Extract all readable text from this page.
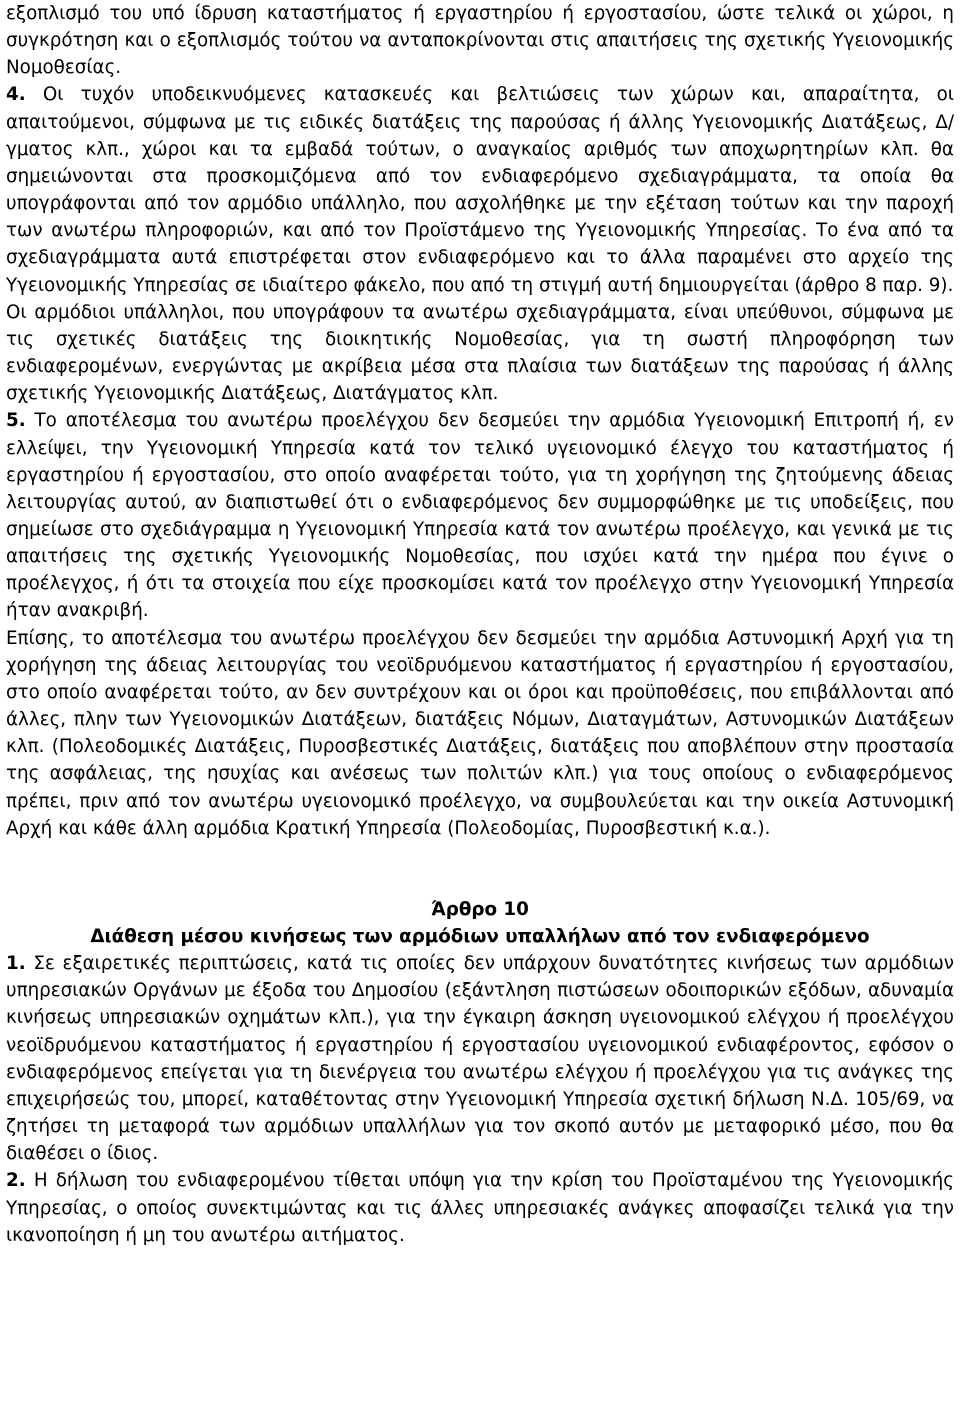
εξοπλισμό του υπό ίδρυση καταστήματος ή εργαστηρίου ή εργοστασίου, ώστε τελικά οι χώροι, η συγκρότηση και ο εξοπλισμός τούτου να ανταποκρίνονται στις απαιτήσεις της σχετικής Υγειονομικής Νομοθεσίας.

4. Οι τυχόν υποδεικνυόμενες κατασκευές και βελτιώσεις των χώρων και, απαραίτητα, οι απαιτούμενοι, σύμφωνα με τις ειδικές διατάξεις της παρούσας ή άλλης Υγειονομικής Διατάξεως, Δ/γματος κλπ., χώροι και τα εμβαδά τούτων, ο αναγκαίος αριθμός των αποχωρητηρίων κλπ. θα σημειώνονται στα προσκομιζόμενα από τον ενδιαφερόμενο σχεδιαγράμματα, τα οποία θα υπογράφονται από τον αρμόδιο υπάλληλο, που ασχολήθηκε με την εξέταση τούτων και την παροχή των ανωτέρω πληροφοριών, και από τον Προϊστάμενο της Υγειονομικής Υπηρεσίας. Το ένα από τα σχεδιαγράμματα αυτά επιστρέφεται στον ενδιαφερόμενο και το άλλα παραμένει στο αρχείο της Υγειονομικής Υπηρεσίας σε ιδιαίτερο φάκελο, που από τη στιγμή αυτή δημιουργείται (άρθρο 8 παρ. 9).

Οι αρμόδιοι υπάλληλοι, που υπογράφουν τα ανωτέρω σχεδιαγράμματα, είναι υπεύθυνοι, σύμφωνα με τις σχετικές διατάξεις της διοικητικής Νομοθεσίας, για τη σωστή πληροφόρηση των ενδιαφερομένων, ενεργώντας με ακρίβεια μέσα στα πλαίσια των διατάξεων της παρούσας ή άλλης σχετικής Υγειονομικής Διατάξεως, Διατάγματος κλπ.

5. Το αποτέλεσμα του ανωτέρω προελέγχου δεν δεσμεύει την αρμόδια Υγειονομική Επιτροπή ή, εν ελλείψει, την Υγειονομική Υπηρεσία κατά τον τελικό υγειονομικό έλεγχο του καταστήματος ή εργαστηρίου ή εργοστασίου, στο οποίο αναφέρεται τούτο, για τη χορήγηση της ζητούμενης άδειας λειτουργίας αυτού, αν διαπιστωθεί ότι ο ενδιαφερόμενος δεν συμμορφώθηκε με τις υποδείξεις, που σημείωσε στο σχεδιάγραμμα η Υγειονομική Υπηρεσία κατά τον ανωτέρω προέλεγχο, και γενικά με τις απαιτήσεις της σχετικής Υγειονομικής Νομοθεσίας, που ισχύει κατά την ημέρα που έγινε ο προέλεγχος, ή ότι τα στοιχεία που είχε προσκομίσει κατά τον προέλεγχο στην Υγειονομική Υπηρεσία ήταν ανακριβή.

Επίσης, το αποτέλεσμα του ανωτέρω προελέγχου δεν δεσμεύει την αρμόδια Αστυνομική Αρχή για τη χορήγηση της άδειας λειτουργίας του νεοϊδρυόμενου καταστήματος ή εργαστηρίου ή εργοστασίου, στο οποίο αναφέρεται τούτο, αν δεν συντρέχουν και οι όροι και προϋποθέσεις, που επιβάλλονται από άλλες, πλην των Υγειονομικών Διατάξεων, διατάξεις Νόμων, Διαταγμάτων, Αστυνομικών Διατάξεων κλπ. (Πολεοδομικές Διατάξεις, Πυροσβεστικές Διατάξεις, διατάξεις που αποβλέπουν στην προστασία της ασφάλειας, της ησυχίας και ανέσεως των πολιτών κλπ.) για τους οποίους ο ενδιαφερόμενος πρέπει, πριν από τον ανωτέρω υγειονομικό προέλεγχο, να συμβουλεύεται και την οικεία Αστυνομική Αρχή και κάθε άλλη αρμόδια Κρατική Υπηρεσία (Πολεοδομίας, Πυροσβεστική κ.α.).

Άρθρο 10

Διάθεση μέσου κινήσεως των αρμόδιων υπαλλήλων από τον ενδιαφερόμενο

1. Σε εξαιρετικές περιπτώσεις, κατά τις οποίες δεν υπάρχουν δυνατότητες κινήσεως των αρμόδιων υπηρεσιακών Οργάνων με έξοδα του Δημοσίου (εξάντληση πιστώσεων οδοιπορικών εξόδων, αδυναμία κινήσεως υπηρεσιακών οχημάτων κλπ.), για την έγκαιρη άσκηση υγειονομικού ελέγχου ή προελέγχου νεοϊδρυόμενου καταστήματος ή εργαστηρίου ή εργοστασίου υγειονομικού ενδιαφέροντος, εφόσον ο ενδιαφερόμενος επείγεται για τη διενέργεια του ανωτέρω ελέγχου ή προελέγχου για τις ανάγκες της επιχειρήσεώς του, μπορεί, καταθέτοντας στην Υγειονομική Υπηρεσία σχετική δήλωση Ν.Δ. 105/69, να ζητήσει τη μεταφορά των αρμόδιων υπαλλήλων για τον σκοπό αυτόν με μεταφορικό μέσο, που θα διαθέσει ο ίδιος.

2. Η δήλωση του ενδιαφερομένου τίθεται υπόψη για την κρίση του Προϊσταμένου της Υγειονομικής Υπηρεσίας, ο οποίος συνεκτιμώντας και τις άλλες υπηρεσιακές ανάγκες αποφασίζει τελικά για την ικανοποίηση ή μη του ανωτέρω αιτήματος.
